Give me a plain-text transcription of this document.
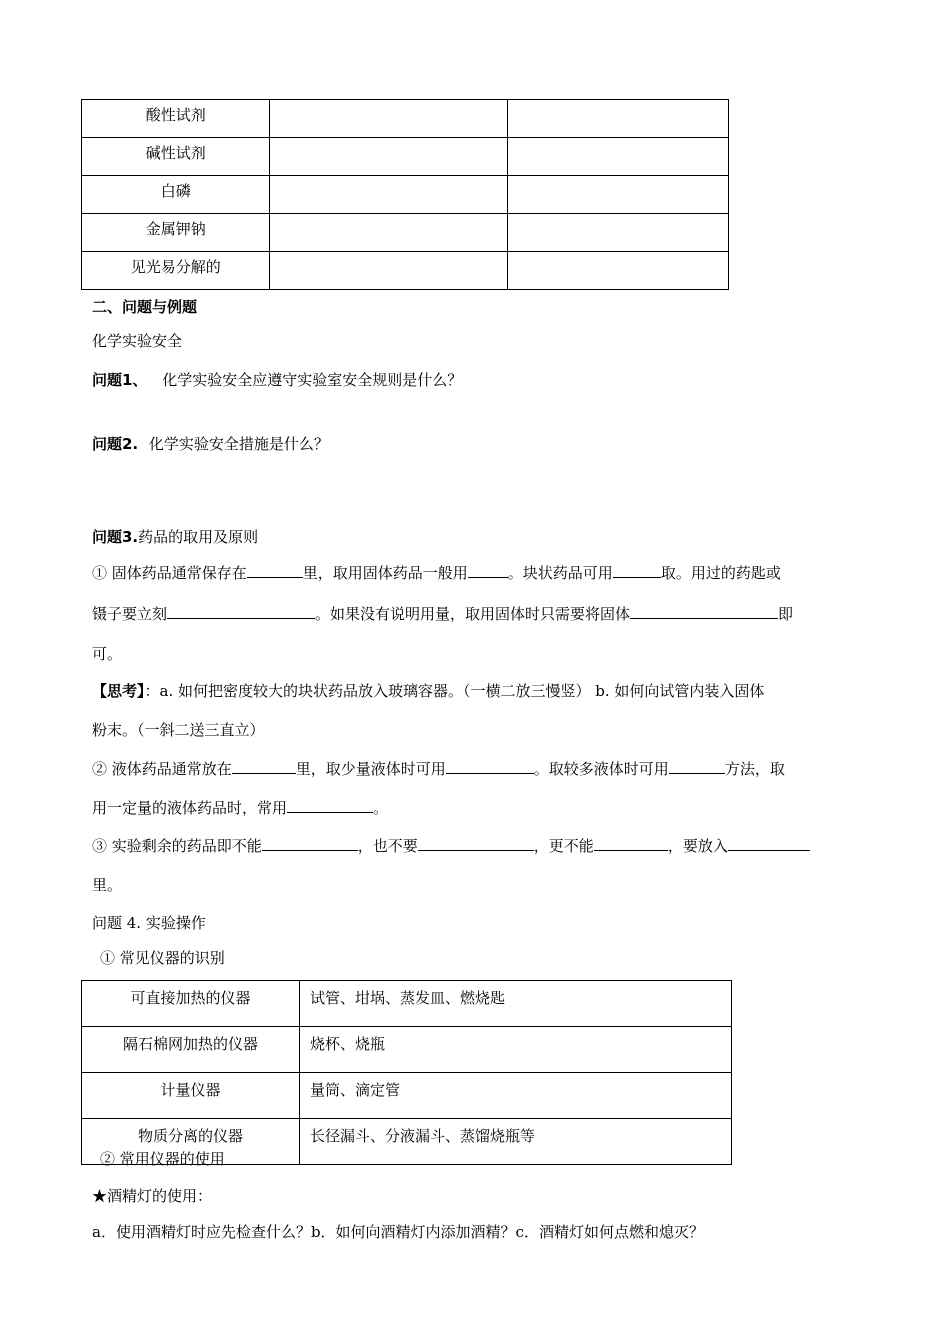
酸性试剂		
碱性试剂		
白磷		
金属钾钠		
见光易分解的		
二、问题与例题
化学实验安全
问题1、 化学实验安全应遵守实验室安全规则是什么？
问题2. 化学实验安全措施是什么？
问题3.药品的取用及原则
① 固体药品通常保存在	里，取用固体药品一般用	。块状药品可用	取。用过的药匙或
镊子要立刻	。如果没有说明用量，取用固体时只需要将固体	即
可。
【思考】：a. 如何把密度较大的块状药品放入玻璃容器。（一横二放三慢竖） b. 如何向试管内装入固体
粉末。（一斜二送三直立）
② 液体药品通常放在	里，取少量液体时可用	。取较多液体时可用	方法，取
用一定量的液体药品时，常用	。
③ 实验剩余的药品即不能	，也不要	，更不能	，要放入
里。
问题 4. 实验操作
① 常见仪器的识别
可直接加热的仪器	试管、坩埚、蒸发皿、燃烧匙
隔石棉网加热的仪器	烧杯、烧瓶
计量仪器	量筒、滴定管
物质分离的仪器	长径漏斗、分液漏斗、蒸馏烧瓶等
② 常用仪器的使用
★酒精灯的使用：
a．使用酒精灯时应先检查什么？b．如何向酒精灯内添加酒精？c．酒精灯如何点燃和熄灭？
